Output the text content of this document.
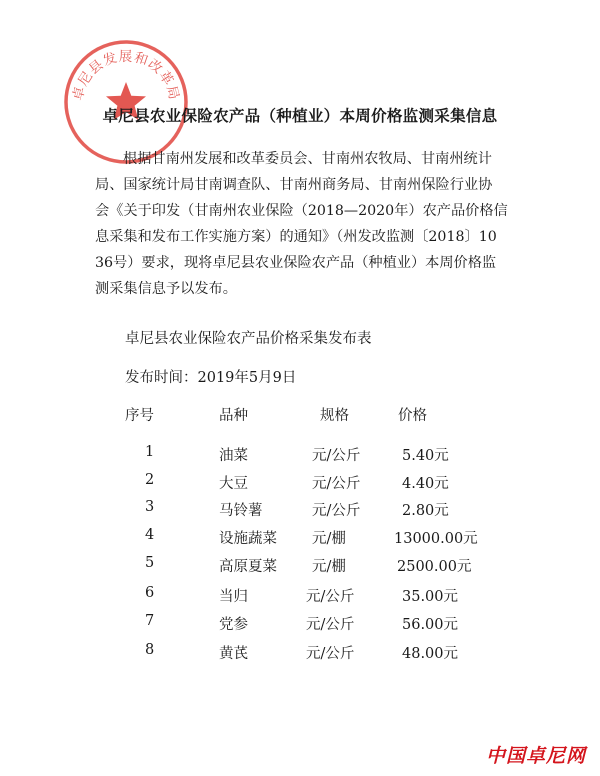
卓尼县发展和改革局
卓尼县农业保险农产品（种植业）本周价格监测采集信息

根据甘南州发展和改革委员会、甘南州农牧局、甘南州统计
局、国家统计局甘南调查队、甘南州商务局、甘南州保险行业协
会《关于印发（甘南州农业保险（2018—2020年）农产品价格信
息采集和发布工作实施方案）的通知》（州发改监测〔2018〕10
36号）要求，现将卓尼县农业保险农产品（种植业）本周价格监
测采集信息予以发布。

卓尼县农业保险农产品价格采集发布表
发布时间：2019年5月9日
序号	品种	规格	价格
1	油菜	元/公斤	5.40元
2	大豆	元/公斤	4.40元
3	马铃薯	元/公斤	2.80元
4	设施蔬菜 元/棚	13000.00元
5	高原夏菜 元/棚	2500.00元
6	当归	元/公斤	35.00元
7	党参	元/公斤	56.00元
8	黄芪	元/公斤	48.00元
中国卓尼网
